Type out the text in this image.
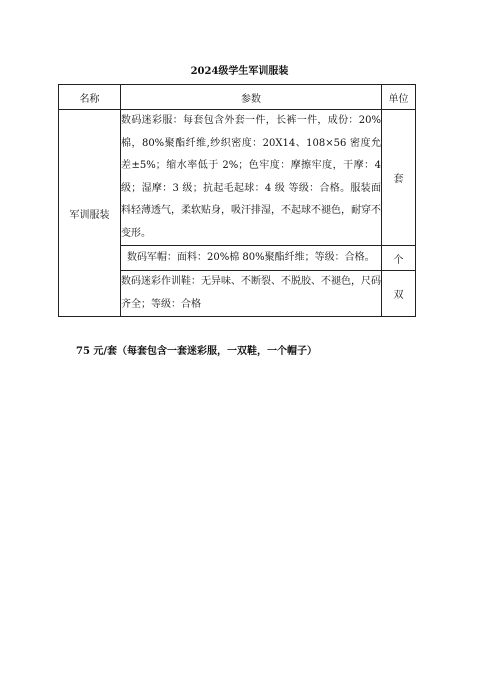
2024级学生军训服装
名称	参数	单位
军训服装	数码迷彩服：每套包含外套一件，长裤一件，成份：20%棉，80%聚酯纤维,纱织密度：20X14、108×56 密度允差±5%；缩水率低于 2%；色牢度：摩擦牢度，干摩：4 级；湿摩：3 级；抗起毛起球：4 级 等级：合格。服装面料轻薄透气，柔软贴身，吸汗排湿，不起球不褪色，耐穿不变形。	套
	数码军帽：面料：20%棉 80%聚酯纤维；等级：合格。	个
	数码迷彩作训鞋：无异味、不断裂、不脱胶、不褪色，尺码齐全；等级：合格	双
75 元/套（每套包含一套迷彩服，一双鞋，一个帽子）
